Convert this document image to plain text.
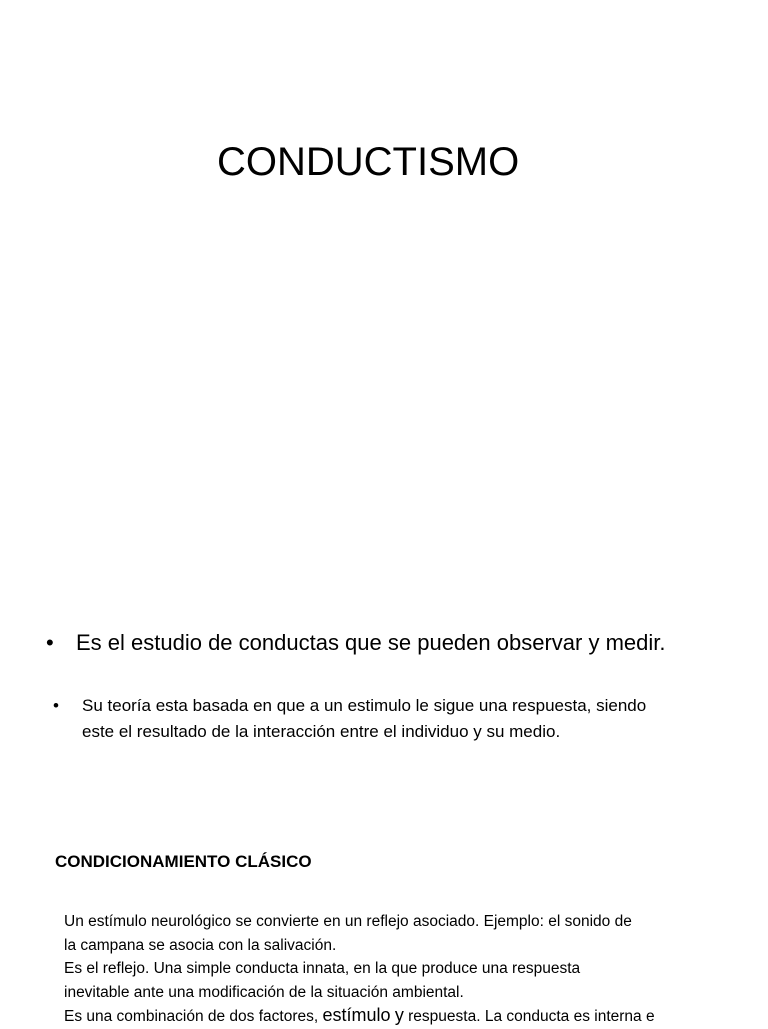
CONDUCTISMO
•	Es el estudio de conductas que se pueden observar y medir.
•	Su teoría esta basada en que a un estimulo le sigue una respuesta, siendo este el resultado de la interacción entre el individuo y su medio.
CONDICIONAMIENTO CLÁSICO

Un estímulo neurológico se convierte en un reflejo asociado. Ejemplo: el sonido de

la campana se asocia con la salivación.

Es el reflejo. Una simple conducta innata, en la que produce una respuesta

inevitable ante una modificación de la situación ambiental.

Es una combinación de dos factores, estímulo y respuesta. La conducta es interna e
